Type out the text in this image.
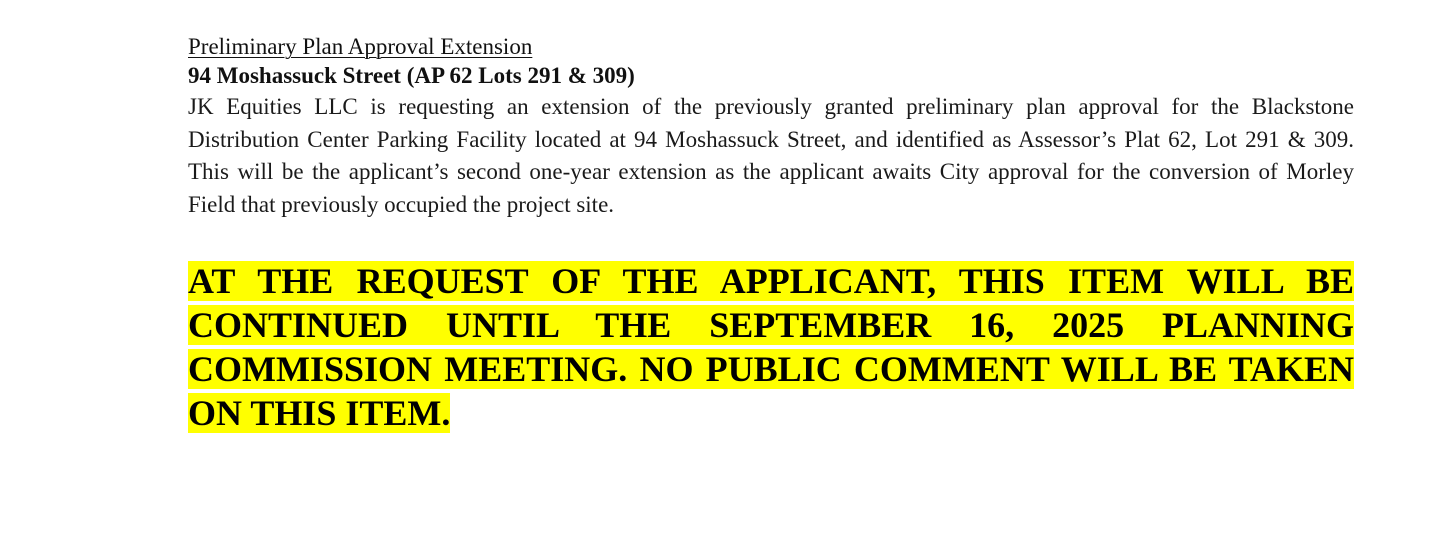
Preliminary Plan Approval Extension

94 Moshassuck Street (AP 62 Lots 291 & 309)

JK Equities LLC is requesting an extension of the previously granted preliminary plan approval for the Blackstone Distribution Center Parking Facility located at 94 Moshassuck Street, and identified as Assessor’s Plat 62, Lot 291 & 309. This will be the applicant’s second one-year extension as the applicant awaits City approval for the conversion of Morley Field that previously occupied the project site.

AT THE REQUEST OF THE APPLICANT, THIS ITEM WILL BE CONTINUED UNTIL THE SEPTEMBER 16, 2025 PLANNING COMMISSION MEETING. NO PUBLIC COMMENT WILL BE TAKEN ON THIS ITEM.
